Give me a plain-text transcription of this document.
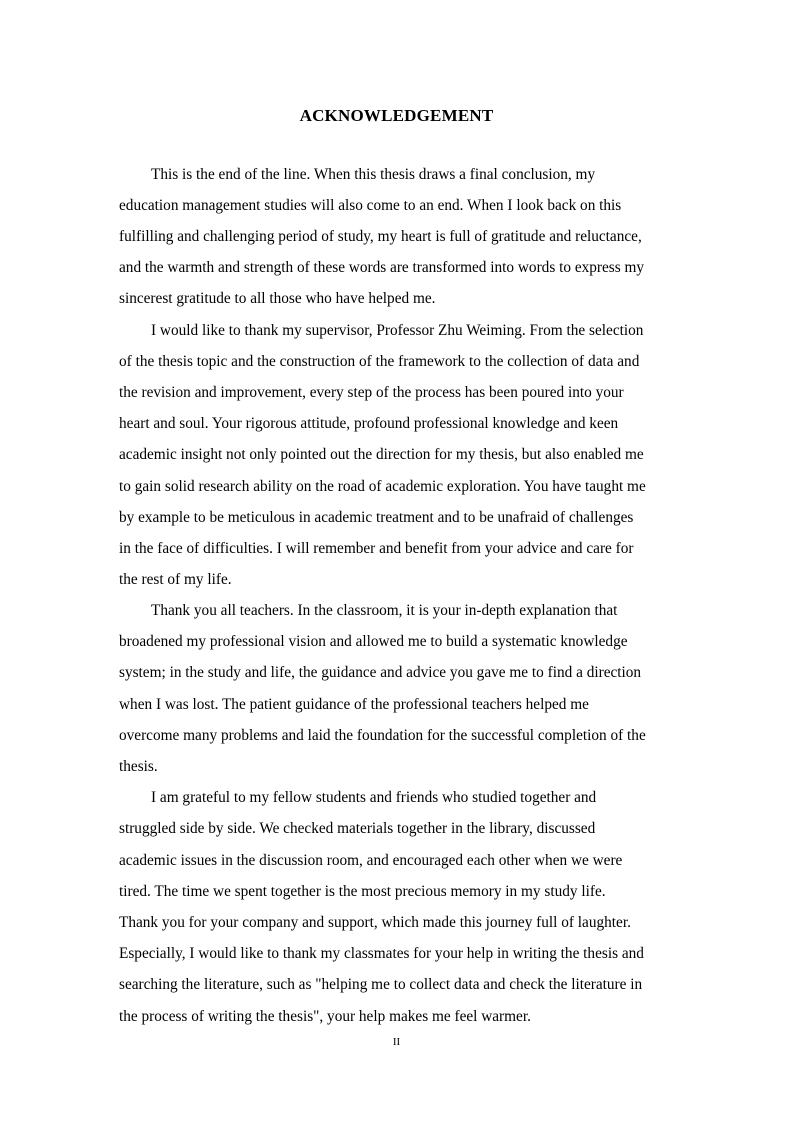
ACKNOWLEDGEMENT

This is the end of the line. When this thesis draws a final conclusion, my

education management studies will also come to an end. When I look back on this

fulfilling and challenging period of study, my heart is full of gratitude and reluctance,

and the warmth and strength of these words are transformed into words to express my

sincerest gratitude to all those who have helped me.

I would like to thank my supervisor, Professor Zhu Weiming. From the selection

of the thesis topic and the construction of the framework to the collection of data and

the revision and improvement, every step of the process has been poured into your

heart and soul. Your rigorous attitude, profound professional knowledge and keen

academic insight not only pointed out the direction for my thesis, but also enabled me

to gain solid research ability on the road of academic exploration. You have taught me

by example to be meticulous in academic treatment and to be unafraid of challenges

in the face of difficulties. I will remember and benefit from your advice and care for

the rest of my life.

Thank you all teachers. In the classroom, it is your in-depth explanation that

broadened my professional vision and allowed me to build a systematic knowledge

system; in the study and life, the guidance and advice you gave me to find a direction

when I was lost. The patient guidance of the professional teachers helped me

overcome many problems and laid the foundation for the successful completion of the

thesis.

I am grateful to my fellow students and friends who studied together and

struggled side by side. We checked materials together in the library, discussed

academic issues in the discussion room, and encouraged each other when we were

tired. The time we spent together is the most precious memory in my study life.

Thank you for your company and support, which made this journey full of laughter.

Especially, I would like to thank my classmates for your help in writing the thesis and

searching the literature, such as "helping me to collect data and check the literature in

the process of writing the thesis", your help makes me feel warmer.

II
